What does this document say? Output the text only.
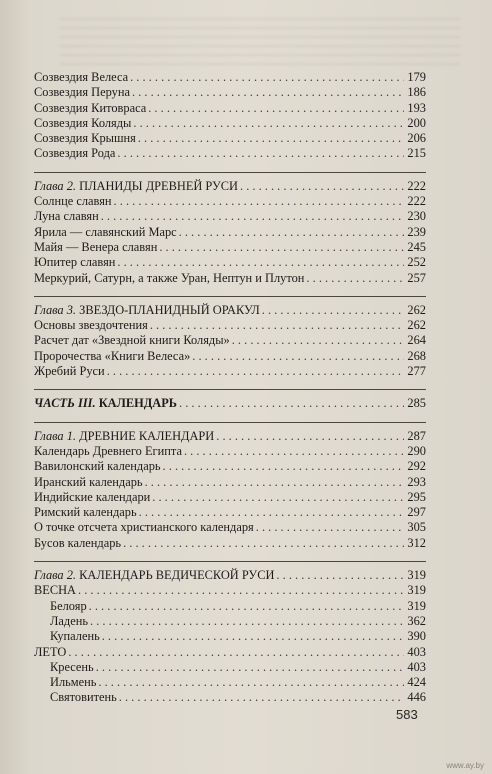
Созвездия Велеса . . .	179
Созвездия Перуна . . .	186
Созвездия Китовраса . . .	193
Созвездия Коляды . . .	200
Созвездия Крышня . . .	206
Созвездия Рода . . .	215
Глава 2. ПЛАНИДЫ ДРЕВНЕЙ РУСИ . . .	222
Солнце славян . . .	222
Луна славян . . .	230
Ярила — славянский Марс . . .	239
Майя — Венера славян . . .	245
Юпитер славян . . .	252
Меркурий, Сатурн, а также Уран, Нептун и Плутон . . .	257
Глава 3. ЗВЕЗДО-ПЛАНИДНЫЙ ОРАКУЛ . . .	262
Основы звездочтения . . .	262
Расчет дат «Звездной книги Коляды» . . .	264
Пророчества «Книги Велеса» . . .	268
Жребий Руси . . .	277
ЧАСТЬ III. КАЛЕНДАРЬ . . .	285
Глава 1. ДРЕВНИЕ КАЛЕНДАРИ . . .	287
Календарь Древнего Египта . . .	290
Вавилонский календарь . . .	292
Иранский календарь . . .	293
Индийские календари . . .	295
Римский календарь . . .	297
О точке отсчета христианского календаря . . .	305
Бусов календарь . . .	312
Глава 2. КАЛЕНДАРЬ ВЕДИЧЕСКОЙ РУСИ . . .	319
ВЕСНА . . .	319
Белояр . . .	319
Ладень . . .	362
Купалень . . .	390
ЛЕТО . . .	403
Кресень . . .	403
Ильмень . . .	424
Святовитень . . .	446
583
www.ay.by
